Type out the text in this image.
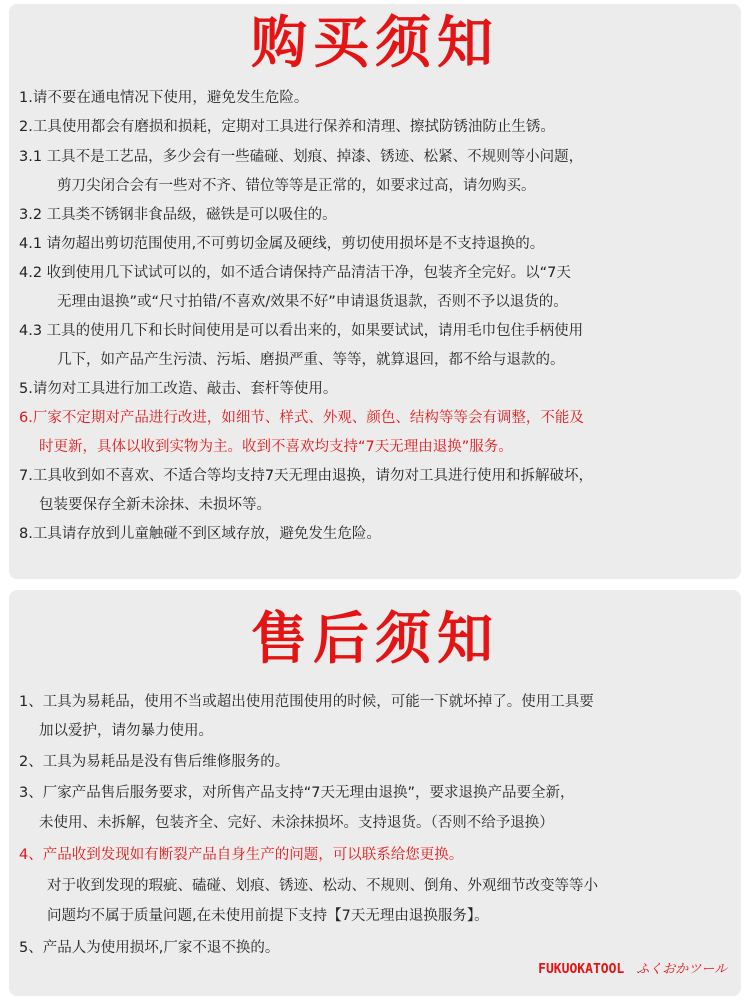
购买须知
1.请不要在通电情况下使用，避免发生危险。
2.工具使用都会有磨损和损耗，定期对工具进行保养和清理、擦拭防锈油防止生锈。
3.1 工具不是工艺品，多少会有一些磕碰、划痕、掉漆、锈迹、松紧、不规则等小问题，
剪刀尖闭合会有一些对不齐、错位等等是正常的，如要求过高，请勿购买。
3.2 工具类不锈钢非食品级，磁铁是可以吸住的。
4.1 请勿超出剪切范围使用,不可剪切金属及硬线，剪切使用损坏是不支持退换的。
4.2 收到使用几下试试可以的，如不适合请保持产品清洁干净，包装齐全完好。以“7天
无理由退换”或“尺寸拍错/不喜欢/效果不好”申请退货退款，否则不予以退货的。
4.3 工具的使用几下和长时间使用是可以看出来的，如果要试试，请用毛巾包住手柄使用
几下，如产品产生污渍、污垢、磨损严重、等等，就算退回，都不给与退款的。
5.请勿对工具进行加工改造、敲击、套杆等使用。
6.厂家不定期对产品进行改进，如细节、样式、外观、颜色、结构等等会有调整，不能及
时更新，具体以收到实物为主。收到不喜欢均支持“7天无理由退换”服务。
7.工具收到如不喜欢、不适合等均支持7天无理由退换，请勿对工具进行使用和拆解破坏，
包装要保存全新未涂抹、未损坏等。
8.工具请存放到儿童触碰不到区域存放，避免发生危险。
售后须知
1、工具为易耗品，使用不当或超出使用范围使用的时候，可能一下就坏掉了。使用工具要
加以爱护，请勿暴力使用。
2、工具为易耗品是没有售后维修服务的。
3、厂家产品售后服务要求，对所售产品支持“7天无理由退换”，要求退换产品要全新，
未使用、未拆解，包装齐全、完好、未涂抹损坏。支持退货。（否则不给予退换）
4、产品收到发现如有断裂产品自身生产的问题，可以联系给您更换。
对于收到发现的瑕疵、磕碰、划痕、锈迹、松动、不规则、倒角、外观细节改变等等小
问题均不属于质量问题,在未使用前提下支持【7天无理由退换服务】。
5、产品人为使用损坏,厂家不退不换的。
FUKUOKATOOL ふくおかツール
